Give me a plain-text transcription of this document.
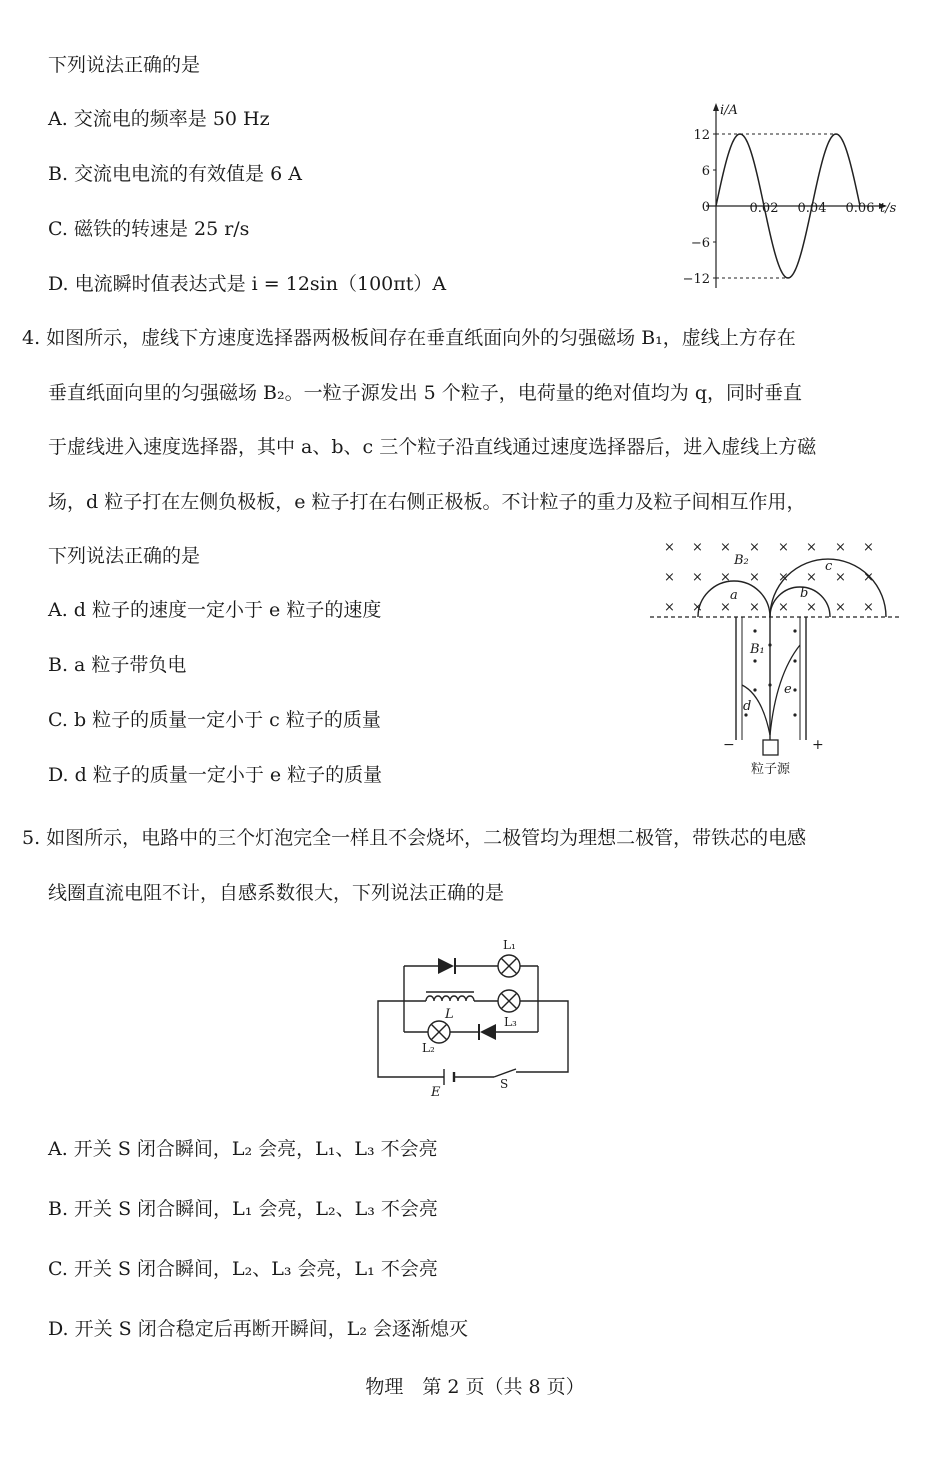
下列说法正确的是
A. 交流电的频率是 50 Hz
B. 交流电电流的有效值是 6 A
C. 磁铁的转速是 25 r/s
D. 电流瞬时值表达式是 i = 12sin（100πt）A
i/A
t/s
12
6
0
−6
−12
0.02 0.04 0.06
4. 如图所示，虚线下方速度选择器两极板间存在垂直纸面向外的匀强磁场 B₁，虚线上方存在
垂直纸面向里的匀强磁场 B₂。一粒子源发出 5 个粒子，电荷量的绝对值均为 q，同时垂直
于虚线进入速度选择器，其中 a、b、c 三个粒子沿直线通过速度选择器后，进入虚线上方磁
场，d 粒子打在左侧负极板，e 粒子打在右侧正极板。不计粒子的重力及粒子间相互作用，
下列说法正确的是
A. d 粒子的速度一定小于 e 粒子的速度
B. a 粒子带负电
C. b 粒子的质量一定小于 c 粒子的质量
D. d 粒子的质量一定小于 e 粒子的质量
× × × × × × × ×
× × × × × × × ×
× × × × × × × ×
B₂
a	b
c
B₁
d
e
−	+
粒子源
5. 如图所示，电路中的三个灯泡完全一样且不会烧坏，二极管均为理想二极管，带铁芯的电感
线圈直流电阻不计，自感系数很大，下列说法正确的是
L₁
L₃
L₂
L
E
S
A. 开关 S 闭合瞬间，L₂ 会亮，L₁、L₃ 不会亮
B. 开关 S 闭合瞬间，L₁ 会亮，L₂、L₃ 不会亮
C. 开关 S 闭合瞬间，L₂、L₃ 会亮，L₁ 不会亮
D. 开关 S 闭合稳定后再断开瞬间，L₂ 会逐渐熄灭
物理　第 2 页（共 8 页）
